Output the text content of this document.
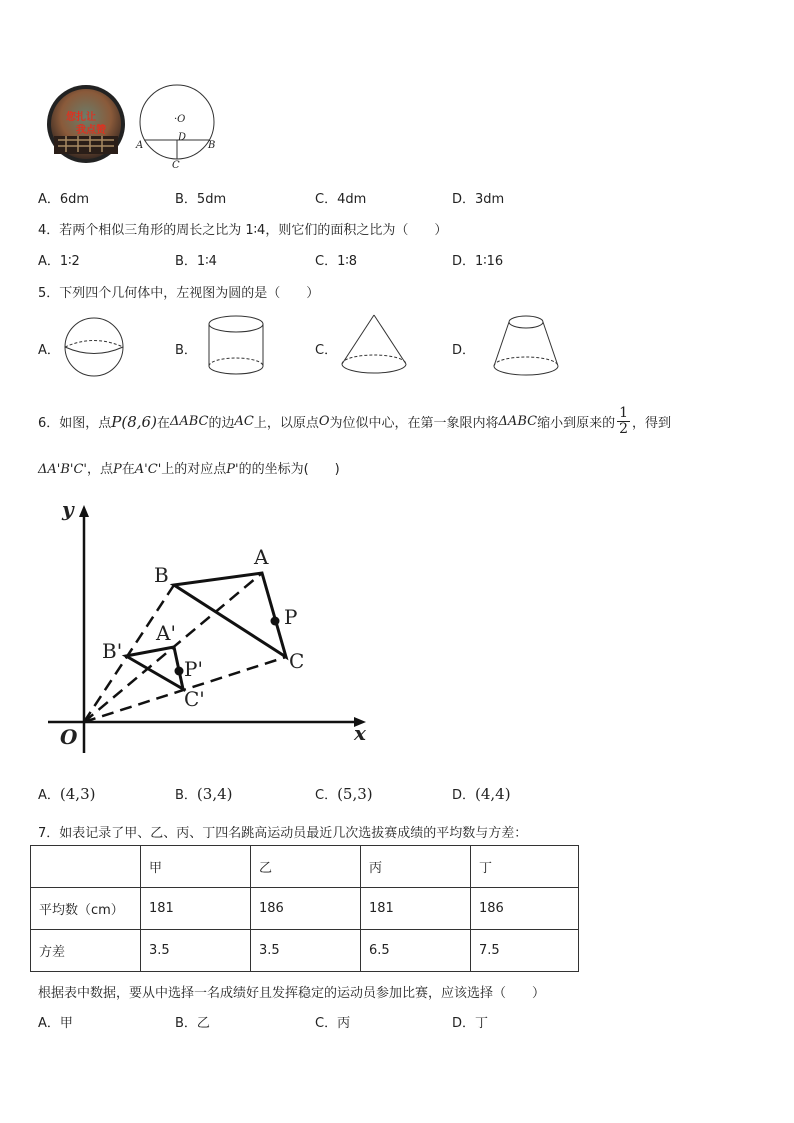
您扎让
我点赞
·O
D
A	B
C
A．6dm	B．5dm	C．4dm	D．3dm
4．若两个相似三角形的周长之比为 1∶4，则它们的面积之比为（　　）
A．1∶2	B．1∶4	C．1∶8	D．1∶16
5．下列四个几何体中，左视图为圆的是（　　）
A．	B．	C．	D．
6．如图，点 P(8,6) 在 ΔABC 的边 AC 上，以原点 O 为位似中心，在第一象限内将 ΔABC 缩小到原来的 $\frac{1}{2}$ ，得到
ΔA'B'C'，点P在A'C'上的对应点P'的的坐标为(　　)
y
x
O
A
B
C
P
A'
B'
C'
P'
A．(4,3)	B．(3,4)	C．(5,3)	D．(4,4)
7．如表记录了甲、乙、丙、丁四名跳高运动员最近几次选拔赛成绩的平均数与方差：
	甲	乙	丙	丁
平均数（cm）	181	186	181	186
方差	3.5	3.5	6.5	7.5
根据表中数据，要从中选择一名成绩好且发挥稳定的运动员参加比赛，应该选择（　　）
A．甲	B．乙	C．丙	D．丁
